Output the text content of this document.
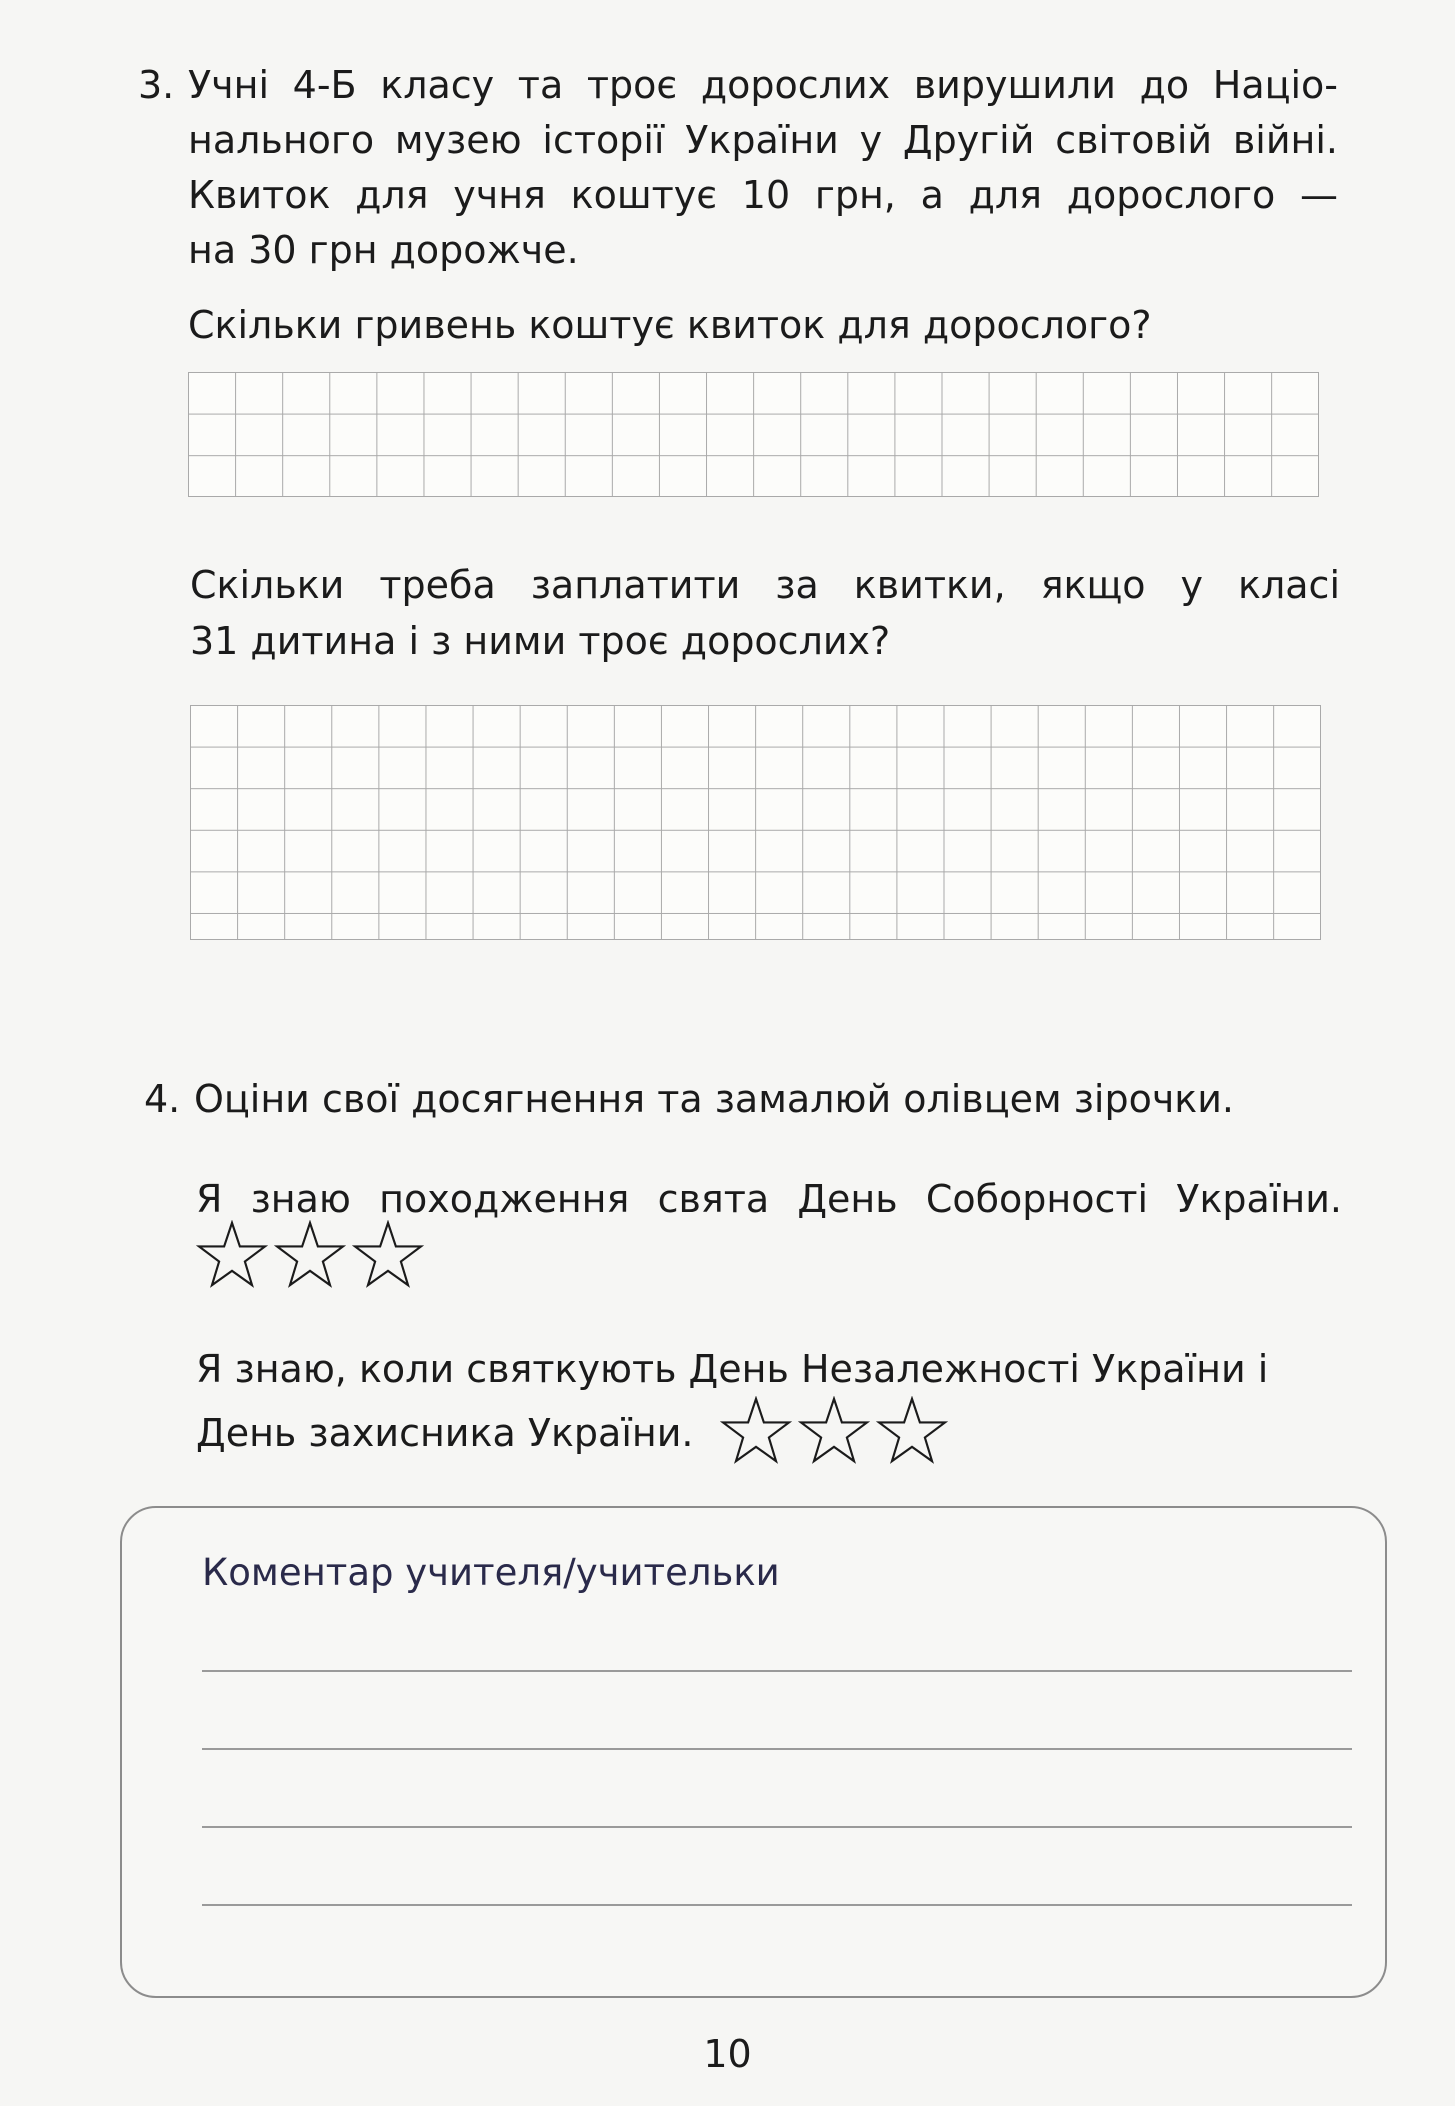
3. Учні 4-Б класу та троє дорослих вирушили до Націо-
нального музею історії України у Другій світовій війні.
Квиток для учня коштує 10 грн, а для дорослого —
на 30 грн дорожче.
Скільки гривень коштує квиток для дорослого?
Скільки треба заплатити за квитки, якщо у класі
31 дитина і з ними троє дорослих?
4. Оціни свої досягнення та замалюй олівцем зірочки.
Я знаю походження свята День Соборності України.
Я знаю, коли святкують День Незалежності України і
День захисника України.
Коментар учителя/учительки
10
